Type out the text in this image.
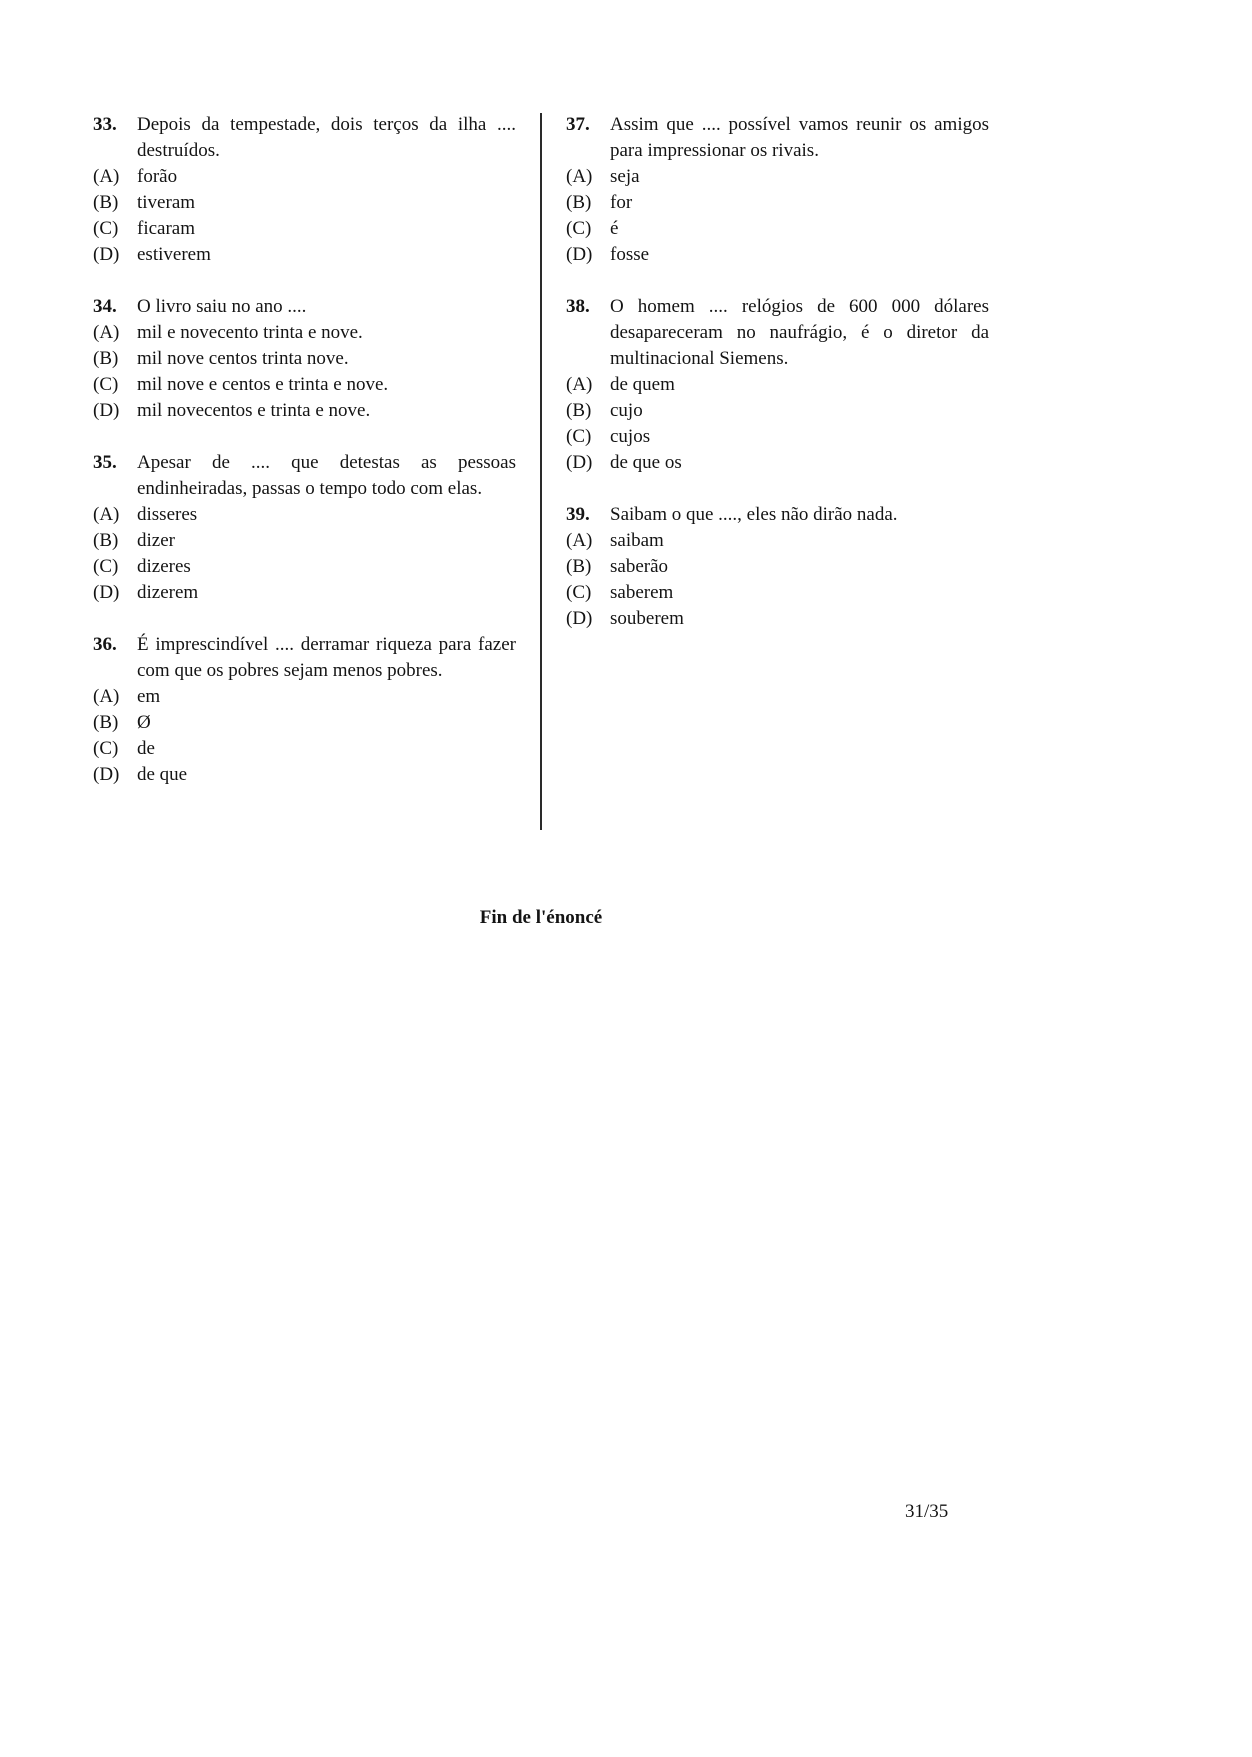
33.	Depois da tempestade, dois terços da ilha .... destruídos.
(A) forão
(B) tiveram
(C) ficaram
(D) estiverem
34.	O livro saiu no ano ....
(A) mil e novecento trinta e nove.
(B) mil nove centos trinta nove.
(C) mil nove e centos e trinta e nove.
(D) mil novecentos e trinta e nove.
35.	Apesar de .... que detestas as pessoas endinheiradas, passas o tempo todo com elas.
(A) disseres
(B) dizer
(C) dizeres
(D) dizerem
36.	É imprescindível .... derramar riqueza para fazer com que os pobres sejam menos pobres.
(A) em
(B) Ø
(C) de
(D) de que
37.	Assim que .... possível vamos reunir os amigos para impressionar os rivais.
(A) seja
(B) for
(C) é
(D) fosse
38.	O homem .... relógios de 600 000 dólares desapareceram no naufrágio, é o diretor da multinacional Siemens.
(A) de quem
(B) cujo
(C) cujos
(D) de que os
39.	Saibam o que ...., eles não dirão nada.
(A) saibam
(B) saberão
(C) saberem
(D) souberem
Fin de l'énoncé
31/35
